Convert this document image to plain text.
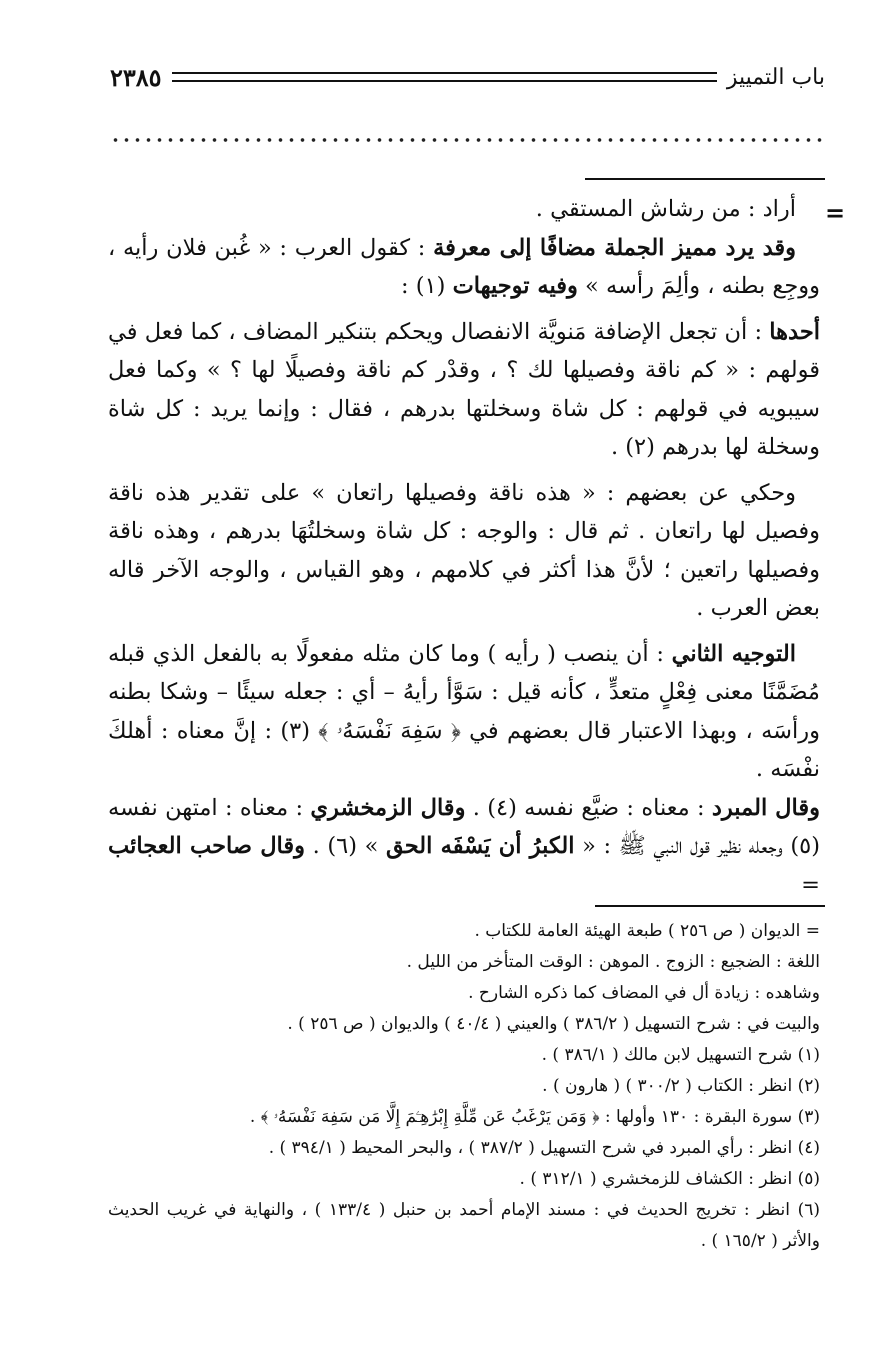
باب التمييز
٢٣٨٥
=

أراد : من رشاش المستقي .

وقد يرد مميز الجملة مضافًا إلى معرفة : كقول العرب : « غُبن فلان رأيه ، ووجِع بطنه ، وألِمَ رأسه » وفيه توجيهات (١) :

أحدها : أن تجعل الإضافة مَنويَّة الانفصال ويحكم بتنكير المضاف ، كما فعل في قولهم : « كم ناقة وفصيلها لك ؟ ، وقدْر كم ناقة وفصيلًا لها ؟ » وكما فعل سيبويه في قولهم : كل شاة وسخلتها بدرهم ، فقال : وإنما يريد : كل شاة وسخلة لها بدرهم (٢) .

وحكي عن بعضهم : « هذه ناقة وفصيلها راتعان » على تقدير هذه ناقة وفصيل لها راتعان . ثم قال : والوجه : كل شاة وسخلتُهَا بدرهم ، وهذه ناقة وفصيلها راتعين ؛ لأنَّ هذا أكثر في كلامهم ، وهو القياس ، والوجه الآخر قاله بعض العرب .

التوجيه الثاني : أن ينصب ( رأيه ) وما كان مثله مفعولًا به بالفعل الذي قبله مُضَمَّنًا معنى فِعْلٍ متعدٍّ ، كأنه قيل : سَوَّأ رأيهُ – أي : جعله سيئًا – وشكا بطنه ورأسَه ، وبهذا الاعتبار قال بعضهم في ﴿ سَفِهَ نَفْسَهُۥ ﴾ (٣) : إنَّ معناه : أهلكَ نفْسَه .

وقال المبرد : معناه : ضيَّع نفسه (٤) . وقال الزمخشري : معناه : امتهن نفسه (٥) وجعله نظير قول النبي ﷺ : « الكبرُ أن يَسْفَه الحق » (٦) . وقال صاحب العجائب =

= الديوان ( ص ٢٥٦ ) طبعة الهيئة العامة للكتاب .

اللغة : الضجيع : الزوج . الموهن : الوقت المتأخر من الليل .

وشاهده : زيادة أل في المضاف كما ذكره الشارح .

والبيت في : شرح التسهيل ( ٣٨٦/٢ ) والعيني ( ٤٠/٤ ) والديوان ( ص ٢٥٦ ) .

(١) شرح التسهيل لابن مالك ( ٣٨٦/١ ) .

(٢) انظر : الكتاب ( ٣٠٠/٢ ) ( هارون ) .

(٣) سورة البقرة : ١٣٠ وأولها : ﴿ وَمَن يَرْغَبُ عَن مِّلَّةِ إِبْرَٰهِـۧمَ إِلَّا مَن سَفِهَ نَفْسَهُۥ ﴾ .

(٤) انظر : رأي المبرد في شرح التسهيل ( ٣٨٧/٢ ) ، والبحر المحيط ( ٣٩٤/١ ) .

(٥) انظر : الكشاف للزمخشري ( ٣١٢/١ ) .

(٦) انظر : تخريج الحديث في : مسند الإمام أحمد بن حنبل ( ١٣٣/٤ ) ، والنهاية في غريب الحديث والأثر ( ١٦٥/٢ ) .
